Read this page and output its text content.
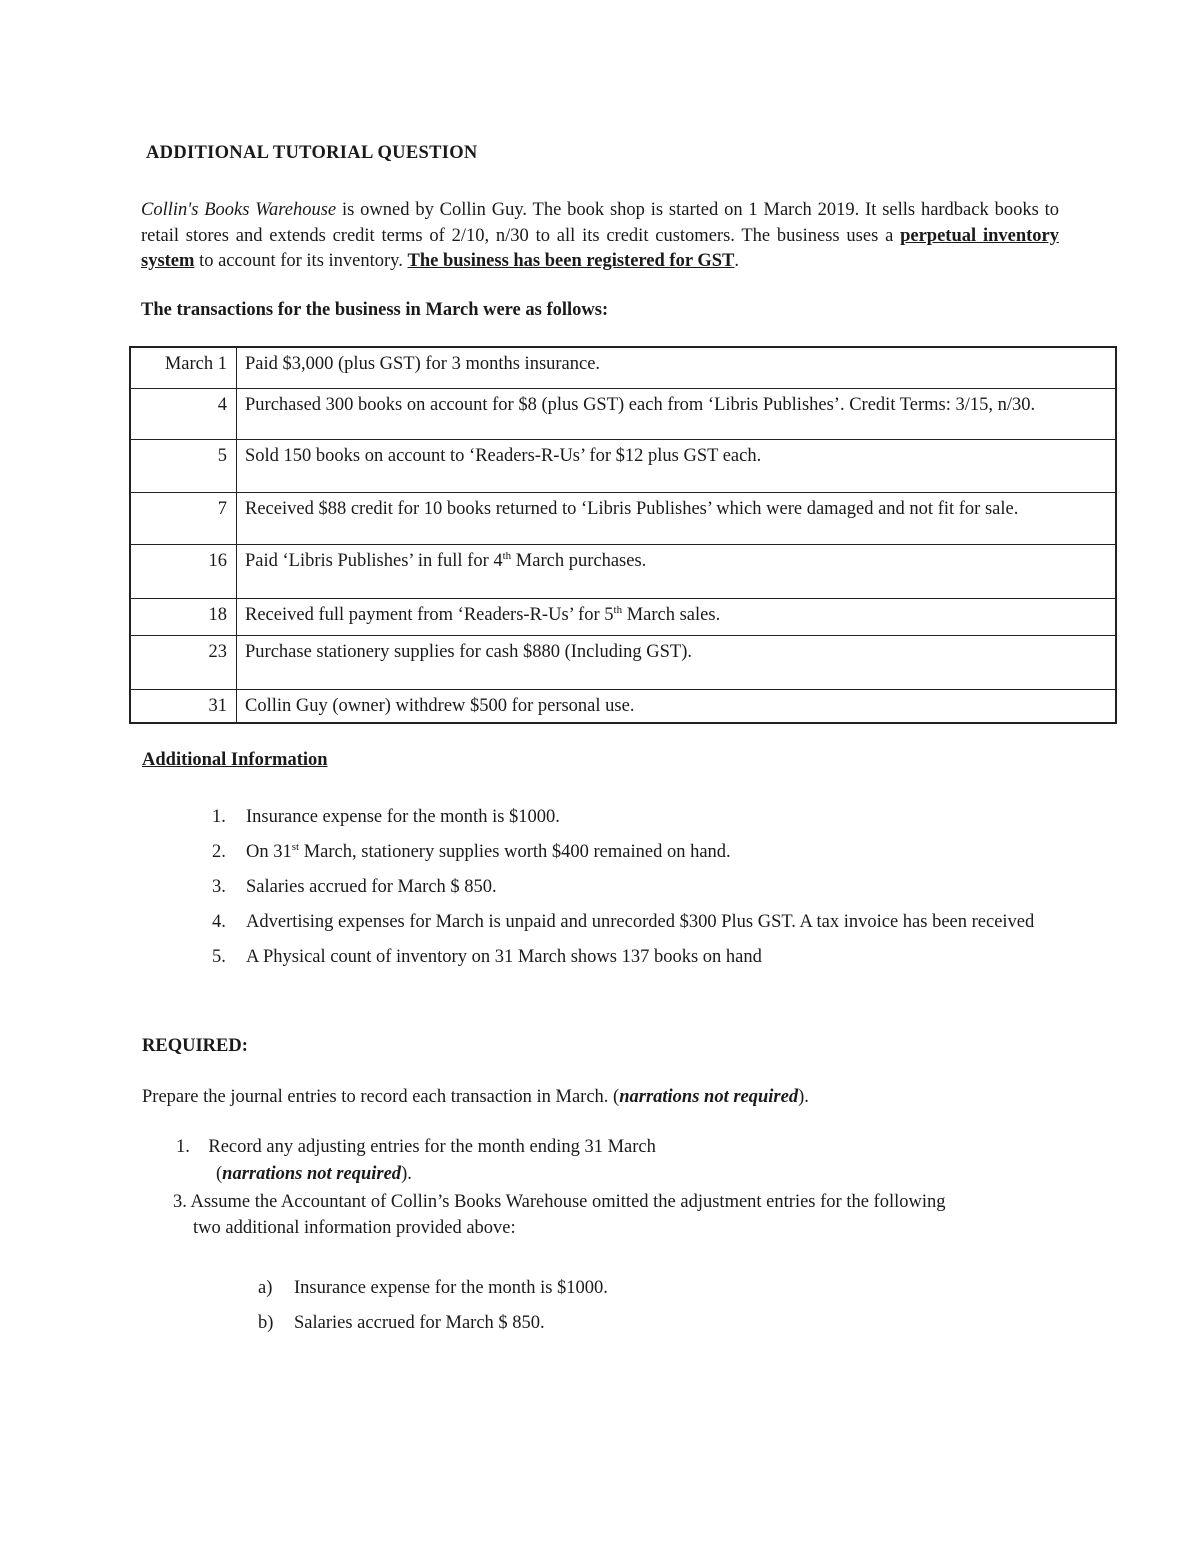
ADDITIONAL TUTORIAL QUESTION
Collin's Books Warehouse is owned by Collin Guy. The book shop is started on 1 March 2019. It sells hardback books to retail stores and extends credit terms of 2/10, n/30 to all its credit customers. The business uses a perpetual inventory system to account for its inventory. The business has been registered for GST.
The transactions for the business in March were as follows:
March 1	Paid $3,000 (plus GST) for 3 months insurance.
4	Purchased 300 books on account for $8 (plus GST) each from ‘Libris Publishes’. Credit Terms: 3/15, n/30.
5	Sold 150 books on account to ‘Readers-R-Us’ for $12 plus GST each.
7	Received $88 credit for 10 books returned to ‘Libris Publishes’ which were damaged and not fit for sale.
16	Paid ‘Libris Publishes’ in full for 4th March purchases.
18	Received full payment from ‘Readers-R-Us’ for 5th March sales.
23	Purchase stationery supplies for cash $880 (Including GST).
31	Collin Guy (owner) withdrew $500 for personal use.
Additional Information
1. Insurance expense for the month is $1000.
2. On 31st March, stationery supplies worth $400 remained on hand.
3. Salaries accrued for March $ 850.
4. Advertising expenses for March is unpaid and unrecorded $300 Plus GST. A tax invoice has been received
5. A Physical count of inventory on 31 March shows 137 books on hand
REQUIRED:
Prepare the journal entries to record each transaction in March. (narrations not required).
1. Record any adjusting entries for the month ending 31 March
(narrations not required).
3. Assume the Accountant of Collin’s Books Warehouse omitted the adjustment entries for the following
two additional information provided above:
a) Insurance expense for the month is $1000.
b) Salaries accrued for March $ 850.
